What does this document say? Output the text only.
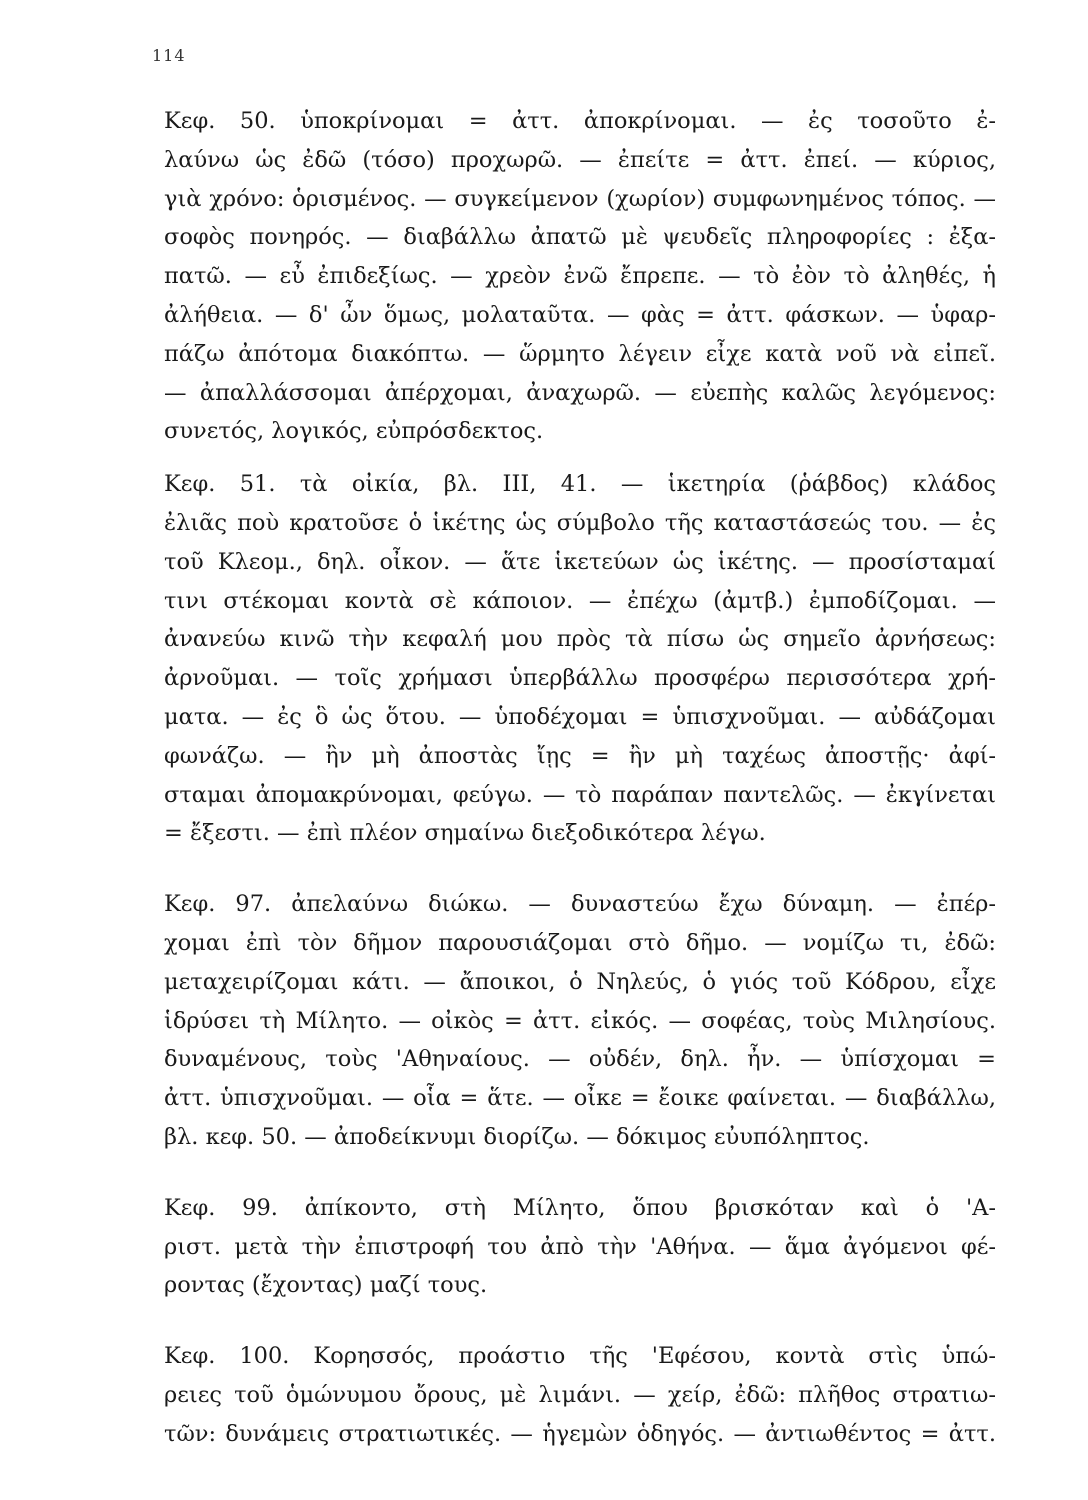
114
Κεφ. 50. ὑποκρίνομαι = ἀττ. ἀποκρίνομαι. — ἐς τοσοῦτο ἐ-
λαύνω ὡς ἐδῶ (τόσο) προχωρῶ. — ἐπείτε = ἀττ. ἐπεί. — κύριος,
γιὰ χρόνο: ὁρισμένος. — συγκείμενον (χωρίον) συμφωνημένος τόπος. —
σοφὸς πονηρός. — διαβάλλω ἀπατῶ μὲ ψευδεῖς πληροφορίες : ἐξα-
πατῶ. — εὖ ἐπιδεξίως. — χρεὸν ἐνῶ ἔπρεπε. — τὸ ἐὸν τὸ ἀληθές, ἡ
ἀλήθεια. — δ' ὦν ὅμως, μολαταῦτα. — φὰς = ἀττ. φάσκων. — ὑφαρ-
πάζω ἀπότομα διακόπτω. — ὥρμητο λέγειν εἶχε κατὰ νοῦ νὰ εἰπεῖ.
— ἀπαλλάσσομαι ἀπέρχομαι, ἀναχωρῶ. — εὐεπὴς καλῶς λεγόμενος:
συνετός, λογικός, εὐπρόσδεκτος.
Κεφ. 51. τὰ οἰκία, βλ. III, 41. — ἱκετηρία (ῥάβδος) κλάδος
ἐλιᾶς ποὺ κρατοῦσε ὁ ἱκέτης ὡς σύμβολο τῆς καταστάσεώς του. — ἐς
τοῦ Κλεομ., δηλ. οἶκον. — ἅτε ἱκετεύων ὡς ἱκέτης. — προσίσταμαί
τινι στέκομαι κοντὰ σὲ κάποιον. — ἐπέχω (ἀμτβ.) ἐμποδίζομαι. —
ἀνανεύω κινῶ τὴν κεφαλή μου πρὸς τὰ πίσω ὡς σημεῖο ἀρνήσεως:
ἀρνοῦμαι. — τοῖς χρήμασι ὑπερβάλλω προσφέρω περισσότερα χρή-
ματα. — ἐς ὃ ὡς ὅτου. — ὑποδέχομαι = ὑπισχνοῦμαι. — αὐδάζομαι
φωνάζω. — ἢν μὴ ἀποστὰς ἴῃς = ἢν μὴ ταχέως ἀποστῇς· ἀφί-
σταμαι ἀπομακρύνομαι, φεύγω. — τὸ παράπαν παντελῶς. — ἐκγίνεται
= ἔξεστι. — ἐπὶ πλέον σημαίνω διεξοδικότερα λέγω.
Κεφ. 97. ἀπελαύνω διώκω. — δυναστεύω ἔχω δύναμη. — ἐπέρ-
χομαι ἐπὶ τὸν δῆμον παρουσιάζομαι στὸ δῆμο. — νομίζω τι, ἐδῶ:
μεταχειρίζομαι κάτι. — ἄποικοι, ὁ Νηλεύς, ὁ γιός τοῦ Κόδρου, εἶχε
ἱδρύσει τὴ Μίλητο. — οἰκὸς = ἀττ. εἰκός. — σοφέας, τοὺς Μιλησίους.
δυναμένους, τοὺς 'Αθηναίους. — οὐδέν, δηλ. ἦν. — ὑπίσχομαι =
ἀττ. ὑπισχνοῦμαι. — οἷα = ἅτε. — οἶκε = ἔοικε φαίνεται. — διαβάλλω,
βλ. κεφ. 50. — ἀποδείκνυμι διορίζω. — δόκιμος εὐυπόληπτος.
Κεφ. 99. ἀπίκοντο, στὴ Μίλητο, ὅπου βρισκόταν καὶ ὁ 'Α-
ριστ. μετὰ τὴν ἐπιστροφή του ἀπὸ τὴν 'Αθήνα. — ἅμα ἀγόμενοι φέ-
ροντας (ἔχοντας) μαζί τους.
Κεφ. 100. Κορησσός, προάστιο τῆς 'Εφέσου, κοντὰ στὶς ὑπώ-
ρειες τοῦ ὁμώνυμου ὄρους, μὲ λιμάνι. — χείρ, ἐδῶ: πλῆθος στρατιω-
τῶν: δυνάμεις στρατιωτικές. — ἡγεμὼν ὁδηγός. — ἀντιωθέντος = ἀττ.
